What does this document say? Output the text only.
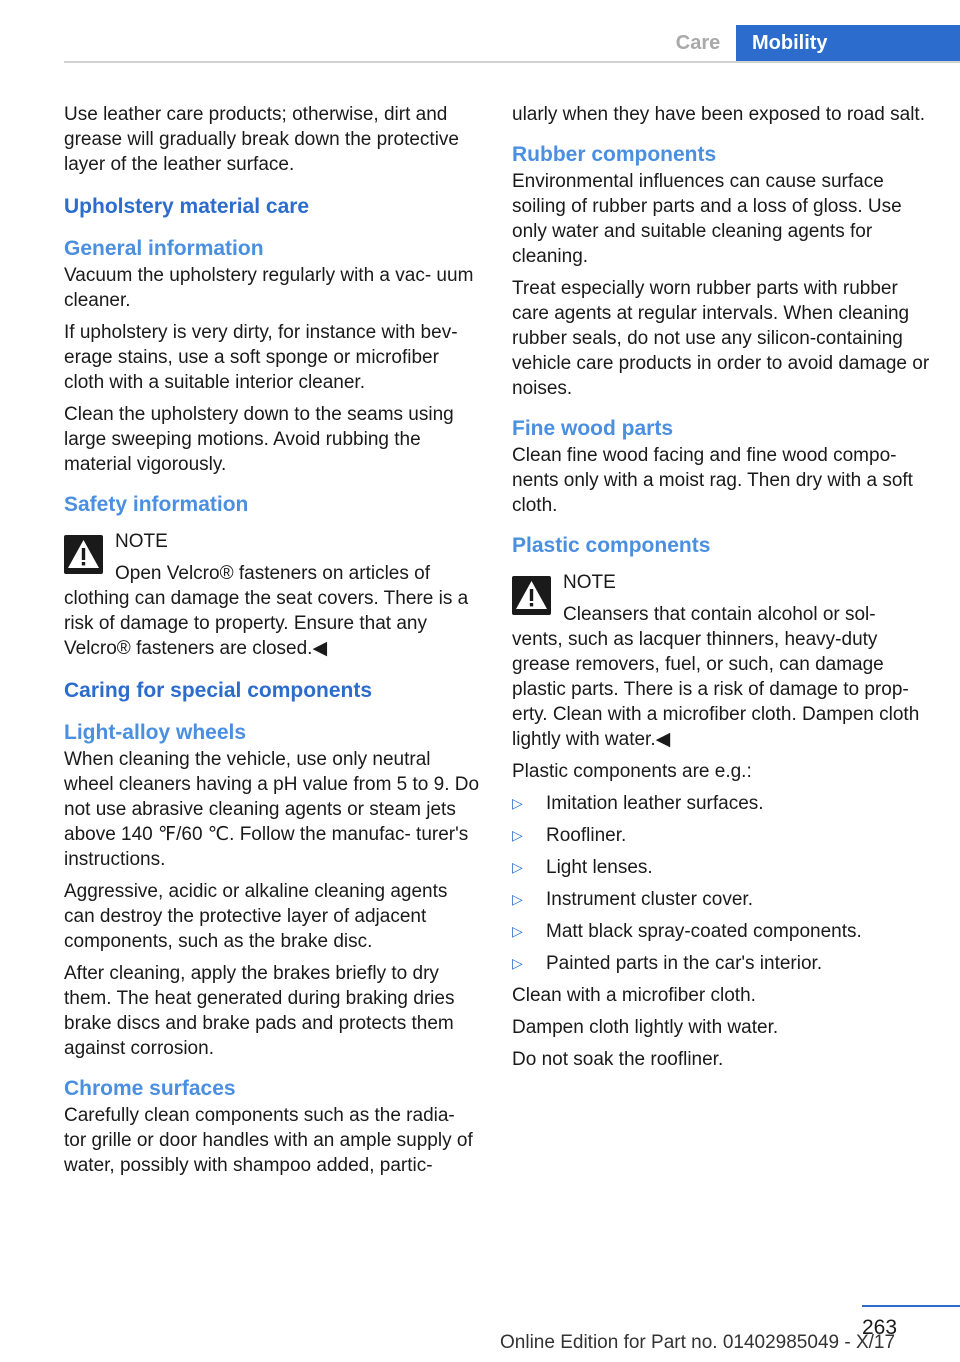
Care	Mobility

Use leather care products; otherwise, dirt and grease will gradually break down the protective layer of the leather surface.

Upholstery material care
General information

Vacuum the upholstery regularly with a vac‐ uum cleaner.

If upholstery is very dirty, for instance with bev‐ erage stains, use a soft sponge or microfiber cloth with a suitable interior cleaner.

Clean the upholstery down to the seams using large sweeping motions. Avoid rubbing the material vigorously.

Safety information
NOTE

Open Velcro® fasteners on articles of clothing can damage the seat covers. There is a risk of damage to property. Ensure that any Velcro® fasteners are closed.◀

Caring for special components
Light-alloy wheels

When cleaning the vehicle, use only neutral wheel cleaners having a pH value from 5 to 9. Do not use abrasive cleaning agents or steam jets above 140 ℉/60 ℃. Follow the manufac‐ turer's instructions.

Aggressive, acidic or alkaline cleaning agents can destroy the protective layer of adjacent components, such as the brake disc.

After cleaning, apply the brakes briefly to dry them. The heat generated during braking dries brake discs and brake pads and protects them against corrosion.

Chrome surfaces

Carefully clean components such as the radia‐ tor grille or door handles with an ample supply of water, possibly with shampoo added, partic‐

ularly when they have been exposed to road salt.

Rubber components

Environmental influences can cause surface soiling of rubber parts and a loss of gloss. Use only water and suitable cleaning agents for cleaning.

Treat especially worn rubber parts with rubber care agents at regular intervals. When cleaning rubber seals, do not use any silicon-containing vehicle care products in order to avoid damage or noises.

Fine wood parts

Clean fine wood facing and fine wood compo‐ nents only with a moist rag. Then dry with a soft cloth.

Plastic components
NOTE

Cleansers that contain alcohol or sol‐ vents, such as lacquer thinners, heavy-duty grease removers, fuel, or such, can damage plastic parts. There is a risk of damage to prop‐ erty. Clean with a microfiber cloth. Dampen cloth lightly with water.◀

Plastic components are e.g.:

▷ Imitation leather surfaces.
▷ Roofliner.
▷ Light lenses.
▷ Instrument cluster cover.
▷ Matt black spray-coated components.
▷ Painted parts in the car's interior.

Clean with a microfiber cloth.

Dampen cloth lightly with water.

Do not soak the roofliner.

263
Online Edition for Part no. 01402985049 - X/17
